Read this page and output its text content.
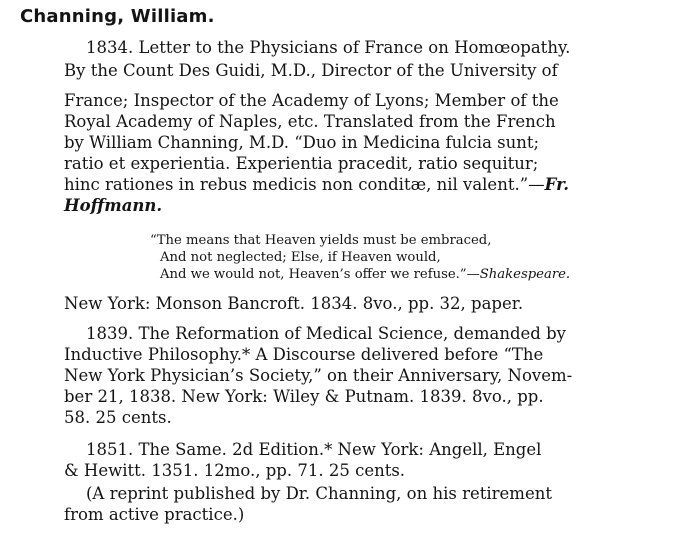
Channing, William.

1834. Letter to the Physicians of France on Homœopathy.

By the Count Des Guidi, M.D., Director of the University of

France; Inspector of the Academy of Lyons; Member of the

Royal Academy of Naples, etc. Translated from the French

by William Channing, M.D. “Duo in Medicina fulcia sunt;

ratio et experientia. Experientia pracedit, ratio sequitur;

hinc rationes in rebus medicis non conditæ, nil valent.”—Fr.

Hoffmann.

“The means that Heaven yields must be embraced,

And not neglected; Else, if Heaven would,

And we would not, Heaven’s offer we refuse.”—Shakespeare.

New York: Monson Bancroft. 1834. 8vo., pp. 32, paper.

1839. The Reformation of Medical Science, demanded by

Inductive Philosophy.* A Discourse delivered before “The

New York Physician’s Society,” on their Anniversary, Novem-

ber 21, 1838. New York: Wiley & Putnam. 1839. 8vo., pp.

58. 25 cents.

1851. The Same. 2d Edition.* New York: Angell, Engel

& Hewitt. 1351. 12mo., pp. 71. 25 cents.

(A reprint published by Dr. Channing, on his retirement

from active practice.)
